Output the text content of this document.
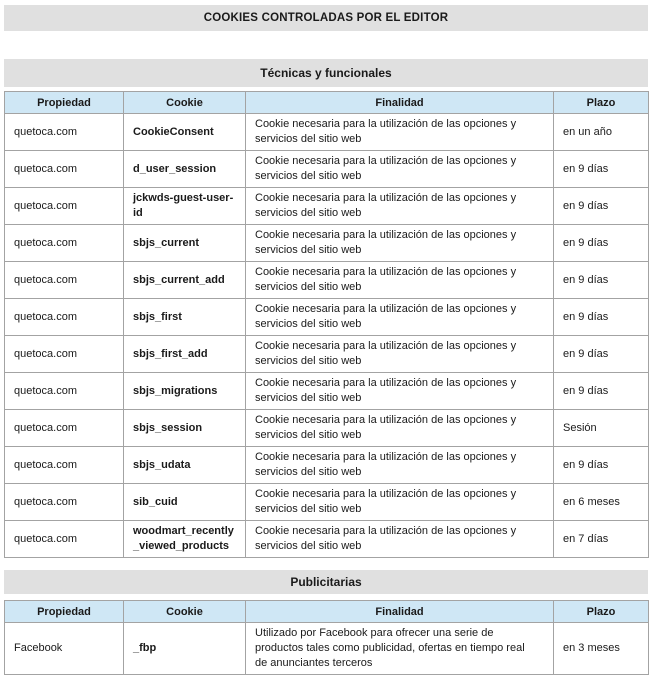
COOKIES CONTROLADAS POR EL EDITOR
Técnicas y funcionales
Propiedad	Cookie	Finalidad	Plazo
quetoca.com	CookieConsent	Cookie necesaria para la utilización de las opciones y servicios del sitio web	en un año
quetoca.com	d_user_session	Cookie necesaria para la utilización de las opciones y servicios del sitio web	en 9 días
quetoca.com	jckwds-guest-user-id	Cookie necesaria para la utilización de las opciones y servicios del sitio web	en 9 días
quetoca.com	sbjs_current	Cookie necesaria para la utilización de las opciones y servicios del sitio web	en 9 días
quetoca.com	sbjs_current_add	Cookie necesaria para la utilización de las opciones y servicios del sitio web	en 9 días
quetoca.com	sbjs_first	Cookie necesaria para la utilización de las opciones y servicios del sitio web	en 9 días
quetoca.com	sbjs_first_add	Cookie necesaria para la utilización de las opciones y servicios del sitio web	en 9 días
quetoca.com	sbjs_migrations	Cookie necesaria para la utilización de las opciones y servicios del sitio web	en 9 días
quetoca.com	sbjs_session	Cookie necesaria para la utilización de las opciones y servicios del sitio web	Sesión
quetoca.com	sbjs_udata	Cookie necesaria para la utilización de las opciones y servicios del sitio web	en 9 días
quetoca.com	sib_cuid	Cookie necesaria para la utilización de las opciones y servicios del sitio web	en 6 meses
quetoca.com	woodmart_recently_viewed_products	Cookie necesaria para la utilización de las opciones y servicios del sitio web	en 7 días
Publicitarias
Propiedad	Cookie	Finalidad	Plazo
Facebook	_fbp	Utilizado por Facebook para ofrecer una serie de productos tales como publicidad, ofertas en tiempo real de anunciantes terceros	en 3 meses
